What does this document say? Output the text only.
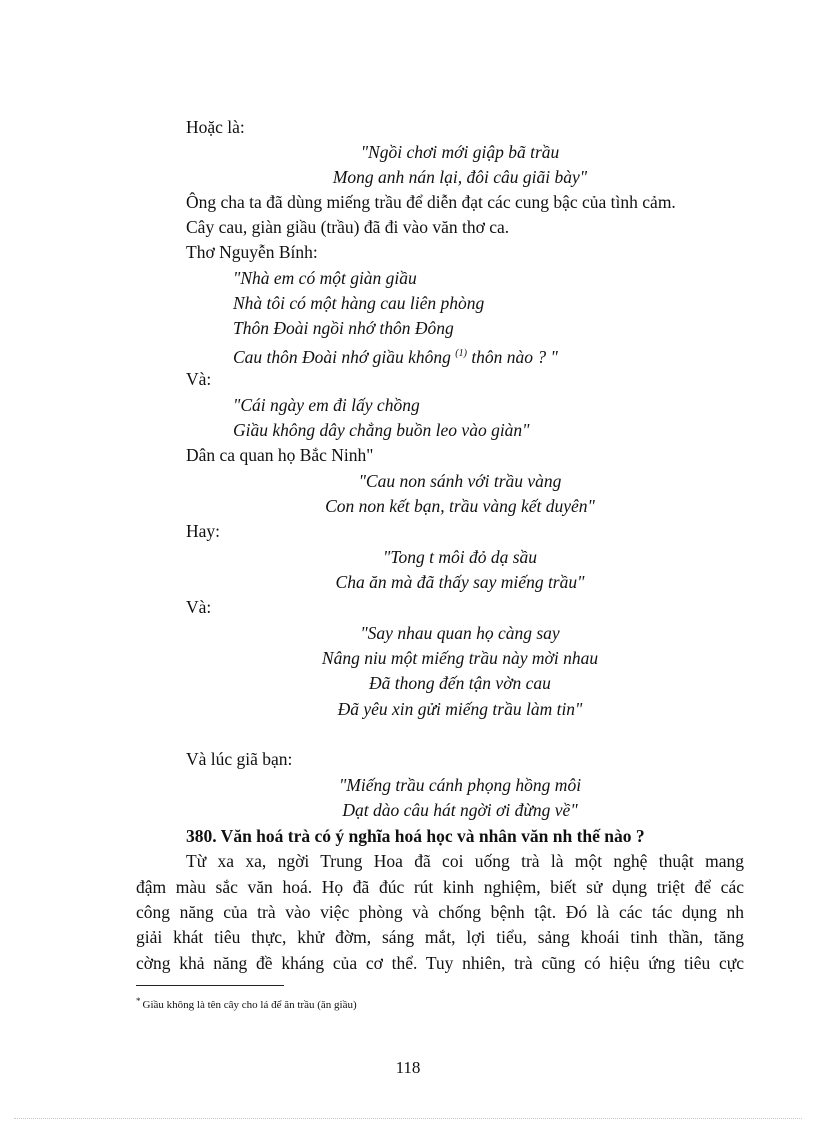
Hoặc là:
"Ngồi chơi mới giập bã trầu
Mong anh nán lại, đôi câu giãi bày"
Ông cha ta đã dùng miếng trầu để diễn đạt các cung bậc của tình cảm.
Cây cau, giàn giầu (trầu) đã đi vào văn thơ ca.
Thơ Nguyễn Bính:
"Nhà em có một giàn giầu
Nhà tôi có một hàng cau liên phòng
Thôn Đoài ngồi nhớ thôn Đông
Cau thôn Đoài nhớ giầu không $^{(1)}$ thôn nào ? "
Và:
"Cái ngày em đi lấy chồng
Giầu không dây chẳng buồn leo vào giàn"
Dân ca quan họ Bắc Ninh"
"Cau non sánh với trầu vàng
Con non kết bạn, trầu vàng kết duyên"
Hay:
"Tong t môi đỏ dạ sầu
Cha ăn mà đã thấy say miếng trầu"
Và:
"Say nhau quan họ càng say
Nâng niu một miếng trầu này mời nhau
Đã thong đến tận vờn cau
Đã yêu xin gửi miếng trầu làm tin"
Và lúc giã bạn:
"Miếng trầu cánh phọng hồng môi
Dạt dào câu hát ngời ơi đừng về"
380. Văn hoá trà có ý nghĩa hoá học và nhân văn nh thế nào ?
Từ xa xa, ngời Trung Hoa đã coi uống trà là một nghệ thuật mang
đậm màu sắc văn hoá. Họ đã đúc rút kinh nghiệm, biết sử dụng triệt để các
công năng của trà vào việc phòng và chống bệnh tật. Đó là các tác dụng nh
giải khát tiêu thực, khử đờm, sáng mắt, lợi tiểu, sảng khoái tinh thần, tăng
cờng khả năng đề kháng của cơ thể. Tuy nhiên, trà cũng có hiệu ứng tiêu cực
* Giầu không là tên cây cho lá để ăn trầu (ăn giầu)
118
